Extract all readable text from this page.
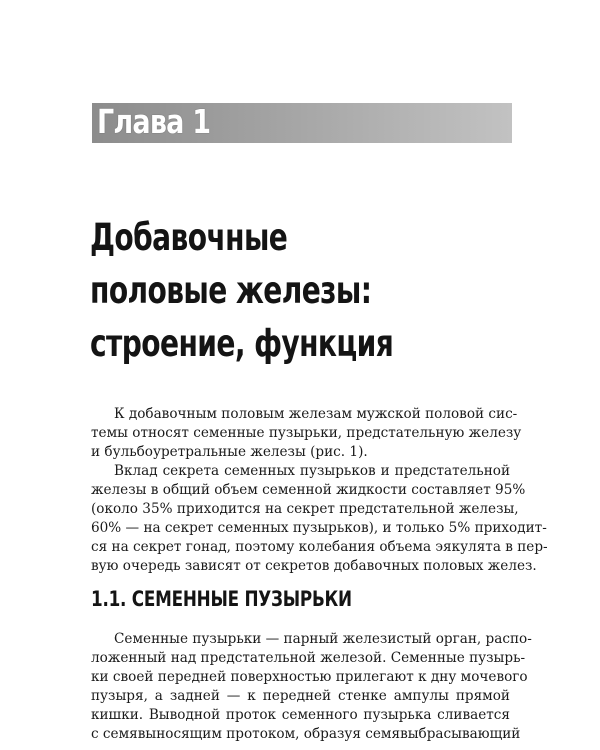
Глава 1
Добавочные
половые железы:
строение, функция
К добавочным половым железам мужской половой сис-
темы относят семенные пузырьки, предстательную железу
и бульбоуретральные железы (рис. 1).
Вклад секрета семенных пузырьков и предстательной
железы в общий объем семенной жидкости составляет 95%
(около 35% приходится на секрет предстательной железы,
60% — на секрет семенных пузырьков), и только 5% приходит-
ся на секрет гонад, поэтому колебания объема эякулята в пер-
вую очередь зависят от секретов добавочных половых желез.
1.1. СЕМЕННЫЕ ПУЗЫРЬКИ
Семенные пузырьки — парный железистый орган, распо-
ложенный над предстательной железой. Семенные пузырь-
ки своей передней поверхностью прилегают к дну мочевого
пузыря, а задней — к передней стенке ампулы прямой
кишки. Выводной проток семенного пузырька сливается
с семявыносящим протоком, образуя семявыбрасывающий
